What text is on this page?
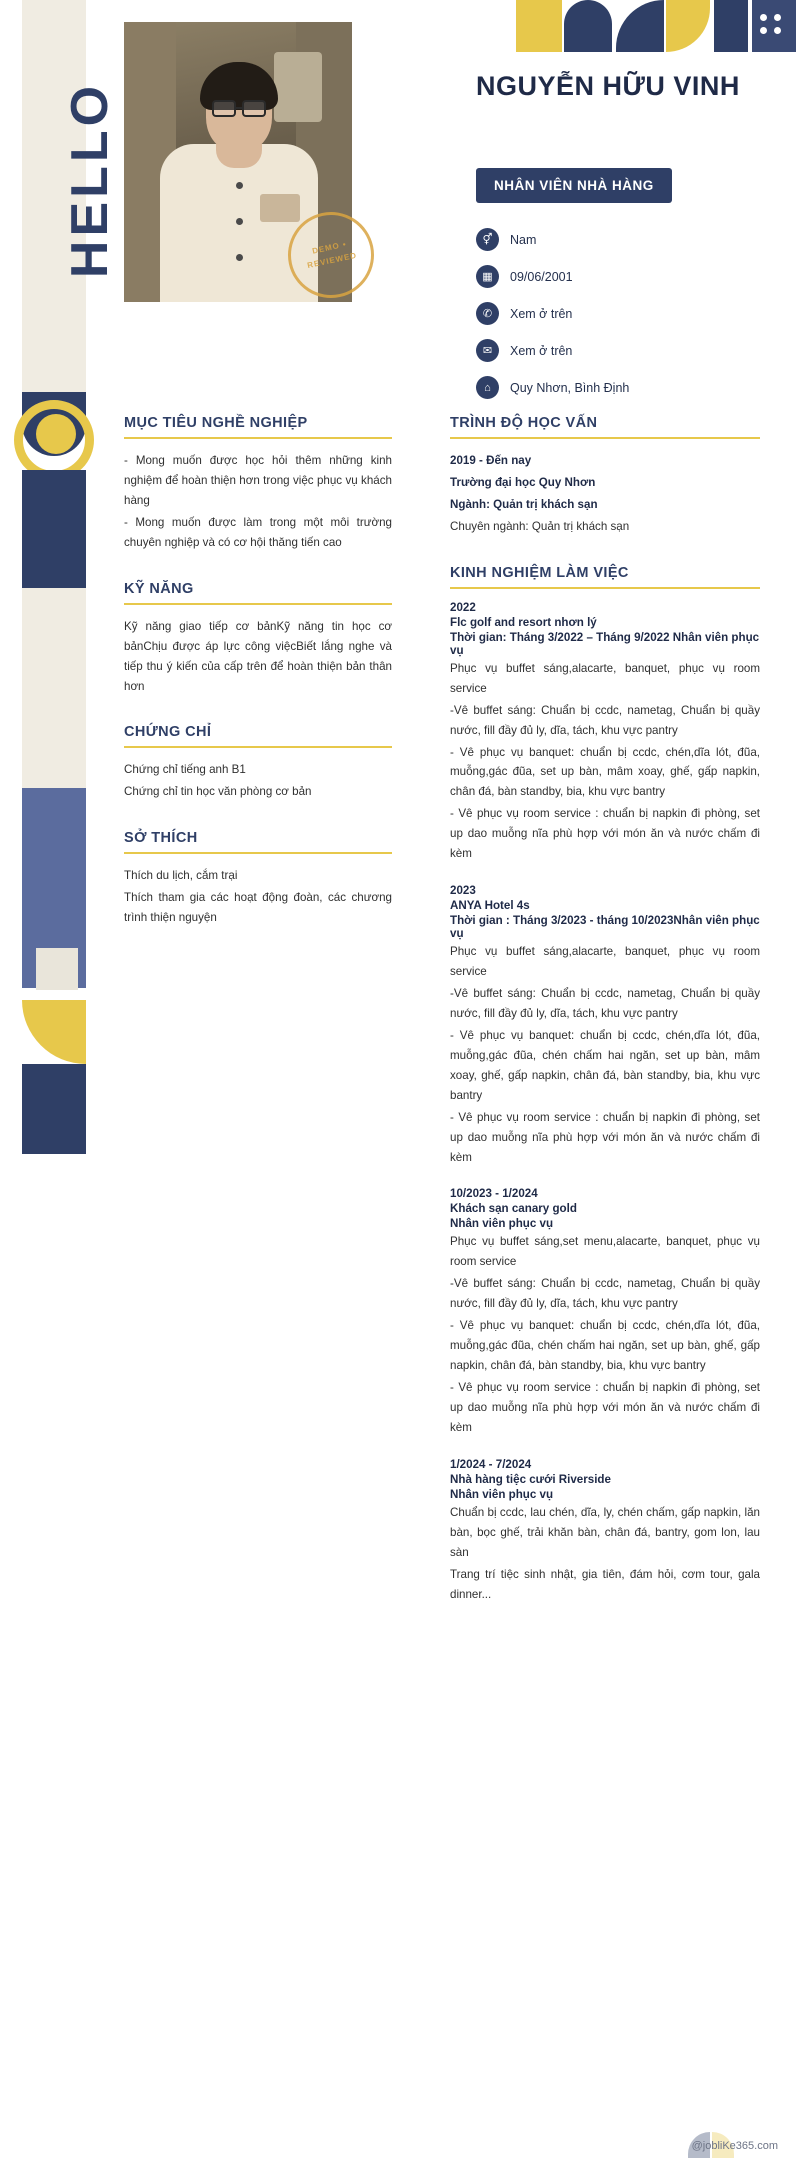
HELLO	DEMO • REVIEWED
NGUYỄN HỮU VINH
NHÂN VIÊN NHÀ HÀNG
⚥	Nam
▦	09/06/2001
✆	Xem ở trên
✉	Xem ở trên
⌂	Quy Nhơn, Bình Định
MỤC TIÊU NGHỀ NGHIỆP

- Mong muốn được học hỏi thêm những kinh nghiệm để hoàn thiện hơn trong việc phục vụ khách hàng

- Mong muốn được làm trong một môi trường chuyên nghiệp và có cơ hội thăng tiến cao

KỸ NĂNG

Kỹ năng giao tiếp cơ bảnKỹ năng tin học cơ bảnChịu được áp lực công việcBiết lắng nghe và tiếp thu ý kiến của cấp trên để hoàn thiện bản thân hơn

CHỨNG CHỈ

Chứng chỉ tiếng anh B1

Chứng chỉ tin học văn phòng cơ bản

SỞ THÍCH

Thích du lịch, cắm trại

Thích tham gia các hoạt động đoàn, các chương trình thiện nguyện

TRÌNH ĐỘ HỌC VẤN

2019 - Đến nay

Trường đại học Quy Nhơn

Ngành: Quản trị khách sạn

Chuyên ngành: Quản trị khách sạn

KINH NGHIỆM LÀM VIỆC

2022

Flc golf and resort nhơn lý

Thời gian: Tháng 3/2022 – Tháng 9/2022 Nhân viên phục vụ

Phục vụ buffet sáng,alacarte, banquet, phục vụ room service

-Vê buffet sáng: Chuẩn bị ccdc, nametag, Chuẩn bị quầy nước, fill đầy đủ ly, dĩa, tách, khu vực pantry

- Vê phục vụ banquet: chuẩn bị ccdc, chén,dĩa lót, đũa, muỗng,gác đũa, set up bàn, mâm xoay, ghế, gấp napkin, chân đá, bàn standby, bia, khu vực bantry

- Vê phục vụ room service : chuẩn bị napkin đi phòng, set up dao muỗng nĩa phù hợp với món ăn và nước chấm đi kèm

2023

ANYA Hotel 4s

Thời gian : Tháng 3/2023 - tháng 10/2023Nhân viên phục vụ

Phục vụ buffet sáng,alacarte, banquet, phục vụ room service

-Vê buffet sáng: Chuẩn bị ccdc, nametag, Chuẩn bị quầy nước, fill đầy đủ ly, dĩa, tách, khu vực pantry

- Vê phục vụ banquet: chuẩn bị ccdc, chén,dĩa lót, đũa, muỗng,gác đũa, chén chấm hai ngăn, set up bàn, mâm xoay, ghế, gấp napkin, chân đá, bàn standby, bia, khu vực bantry

- Vê phục vụ room service : chuẩn bị napkin đi phòng, set up dao muỗng nĩa phù hợp với món ăn và nước chấm đi kèm

10/2023 - 1/2024

Khách sạn canary gold

Nhân viên phục vụ

Phục vụ buffet sáng,set menu,alacarte, banquet, phục vụ room service

-Vê buffet sáng: Chuẩn bị ccdc, nametag, Chuẩn bị quầy nước, fill đầy đủ ly, dĩa, tách, khu vực pantry

- Vê phục vụ banquet: chuẩn bị ccdc, chén,dĩa lót, đũa, muỗng,gác đũa, chén chấm hai ngăn, set up bàn, ghế, gấp napkin, chân đá, bàn standby, bia, khu vực bantry

- Vê phục vụ room service : chuẩn bị napkin đi phòng, set up dao muỗng nĩa phù hợp với món ăn và nước chấm đi kèm

1/2024 - 7/2024

Nhà hàng tiệc cưới Riverside

Nhân viên phục vụ

Chuẩn bị ccdc, lau chén, dĩa, ly, chén chấm, gấp napkin, lăn bàn, bọc ghế, trải khăn bàn, chân đá, bantry, gom lon, lau sàn

Trang trí tiệc sinh nhật, gia tiên, đám hỏi, cơm tour, gala dinner...

@jobliKe365.com
